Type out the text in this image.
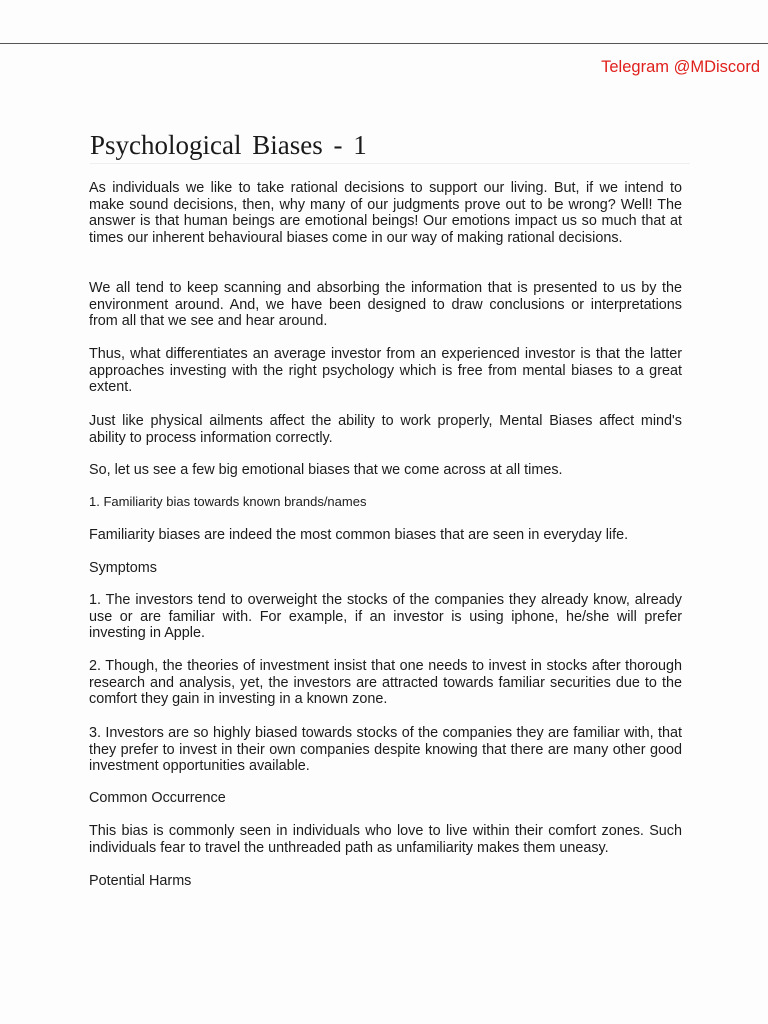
Telegram @MDiscord
Psychological Biases - 1
As individuals we like to take rational decisions to support our living. But, if we intend to make sound decisions, then, why many of our judgments prove out to be wrong? Well! The answer is that human beings are emotional beings! Our emotions impact us so much that at times our inherent behavioural biases come in our way of making rational decisions.
We all tend to keep scanning and absorbing the information that is presented to us by the environment around. And, we have been designed to draw conclusions or interpretations from all that we see and hear around.
Thus, what differentiates an average investor from an experienced investor is that the latter approaches investing with the right psychology which is free from mental biases to a great extent.
Just like physical ailments affect the ability to work properly, Mental Biases affect mind's ability to process information correctly.
So, let us see a few big emotional biases that we come across at all times.
1. Familiarity bias towards known brands/names
Familiarity biases are indeed the most common biases that are seen in everyday life.
Symptoms
1. The investors tend to overweight the stocks of the companies they already know, already use or are familiar with. For example, if an investor is using iphone, he/she will prefer investing in Apple.
2. Though, the theories of investment insist that one needs to invest in stocks after thorough research and analysis, yet, the investors are attracted towards familiar securities due to the comfort they gain in investing in a known zone.
3. Investors are so highly biased towards stocks of the companies they are familiar with, that they prefer to invest in their own companies despite knowing that there are many other good investment opportunities available.
Common Occurrence
This bias is commonly seen in individuals who love to live within their comfort zones. Such individuals fear to travel the unthreaded path as unfamiliarity makes them uneasy.
Potential Harms
